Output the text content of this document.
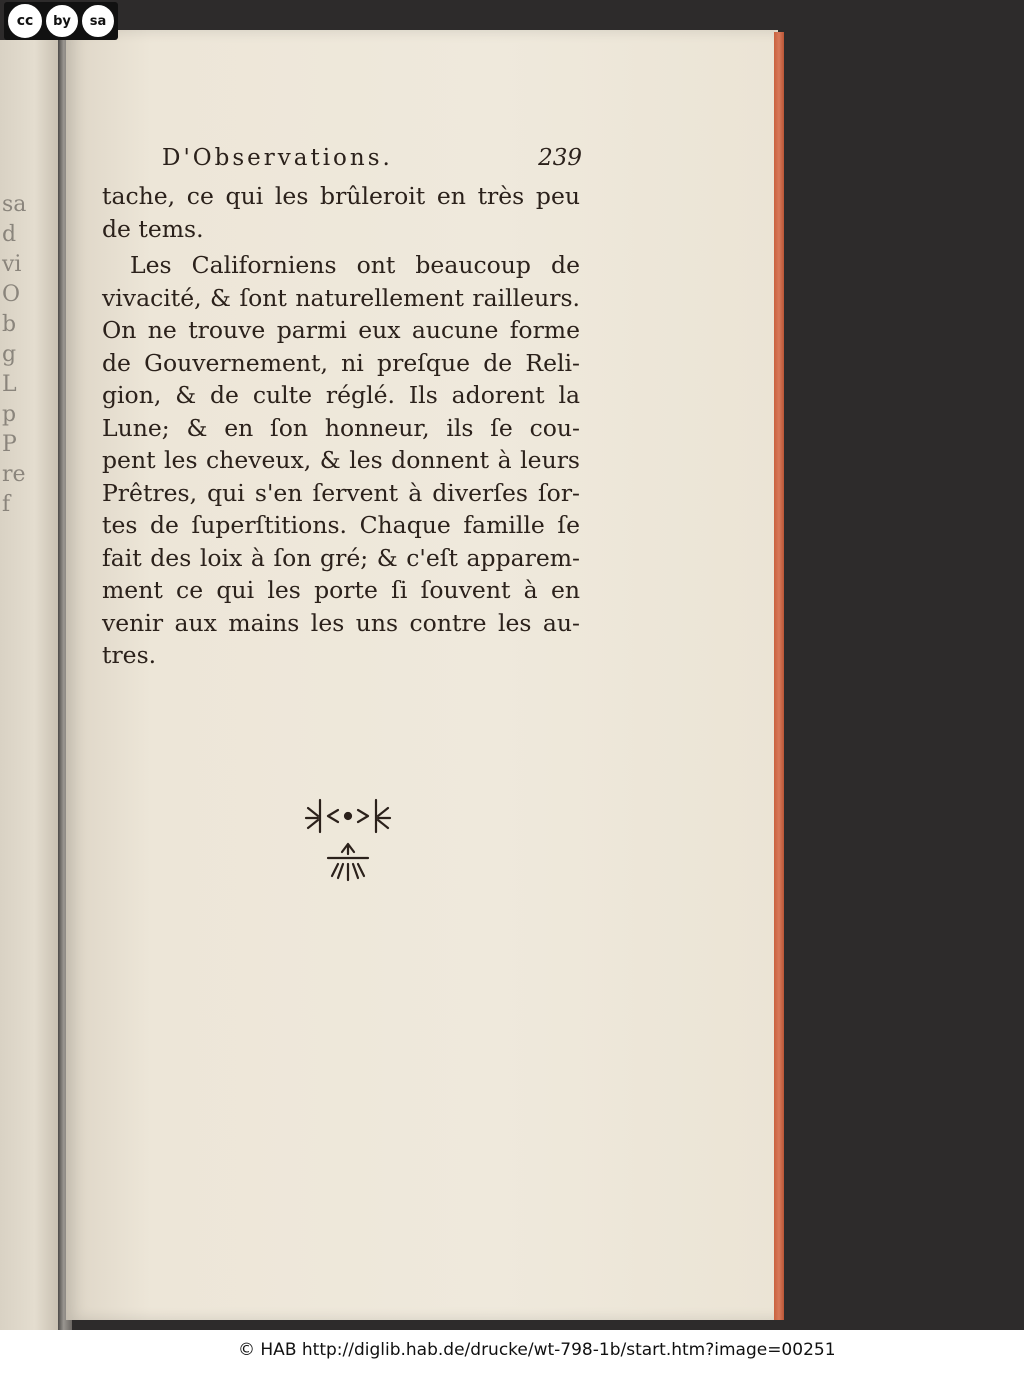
sa
d
vi
O
b
g
L
p
P
re
f
D'Observations.	239
tache, ce qui les brûleroit en très peu
de tems.
Les Californiens ont beaucoup de
vivacité, & ſont naturellement railleurs.
On ne trouve parmi eux aucune forme
de Gouvernement, ni preſque de Reli-
gion, & de culte réglé. Ils adorent la
Lune; & en ſon honneur, ils ſe cou-
pent les cheveux, & les donnent à leurs
Prêtres, qui s'en ſervent à diverſes ſor-
tes de ſuperſtitions. Chaque famille ſe
fait des loix à ſon gré; & c'eſt apparem-
ment ce qui les porte ſi ſouvent à en
venir aux mains les uns contre les au-
tres.
cc	by	sa
© HAB http://diglib.hab.de/drucke/wt-798-1b/start.htm?image=00251
